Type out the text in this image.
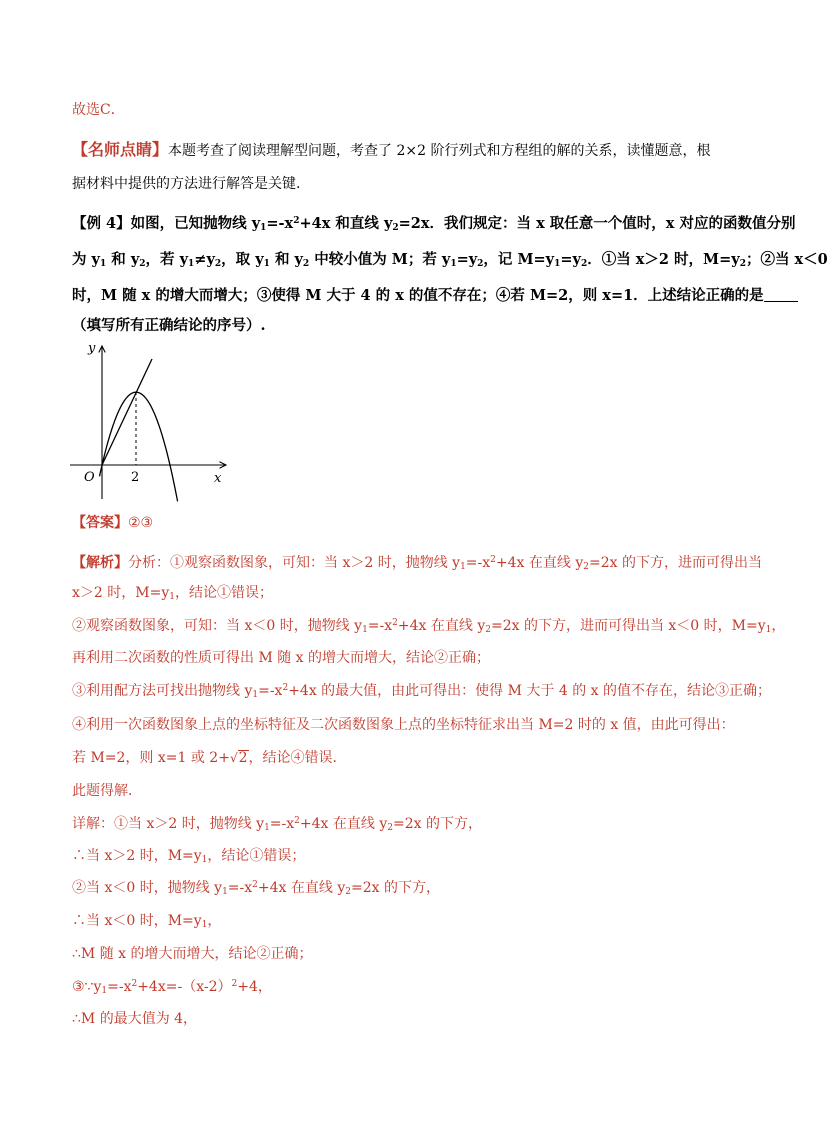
故选C．
【名师点睛】本题考查了阅读理解型问题，考查了 2×2 阶行列式和方程组的解的关系，读懂题意，根
据材料中提供的方法进行解答是关键.
【例 4】如图，已知抛物线 $y_1=-x^2+4x$ 和直线 $y_2=2x$．我们规定：当 x 取任意一个值时，x 对应的函数值分别
为 $y_1$ 和 $y_2$，若 $y_1\ne y_2$，取 $y_1$ 和 $y_2$ 中较小值为 M；若 $y_1=y_2$，记 $M=y_1=y_2$．①当 x＞2 时，$M=y_2$；②当 x＜0
时，M 随 x 的增大而增大；③使得 M 大于 4 的 x 的值不存在；④若 M=2，则 x=1．上述结论正确的是
（填写所有正确结论的序号）.
y
x
O	2
【答案】②③
【解析】分析：①观察函数图象，可知：当 x＞2 时，抛物线 $y_1=-x^2+4x$ 在直线 $y_2=2x$ 的下方，进而可得出当
x＞2 时，$M=y_1$，结论①错误；
②观察函数图象，可知：当 x＜0 时，抛物线 $y_1=-x^2+4x$ 在直线 $y_2=2x$ 的下方，进而可得出当 x＜0 时，$M=y_1$，
再利用二次函数的性质可得出 M 随 x 的增大而增大，结论②正确；
③利用配方法可找出抛物线 $y_1=-x^2+4x$ 的最大值，由此可得出：使得 M 大于 4 的 x 的值不存在，结论③正确；
④利用一次函数图象上点的坐标特征及二次函数图象上点的坐标特征求出当 M=2 时的 x 值，由此可得出：
若 M=2，则 x=1 或 2+√2，结论④错误．
此题得解．
详解：①当 x＞2 时，抛物线 $y_1=-x^2+4x$ 在直线 $y_2=2x$ 的下方，
∴当 x＞2 时，$M=y_1$，结论①错误；
②当 x＜0 时，抛物线 $y_1=-x^2+4x$ 在直线 $y_2=2x$ 的下方，
∴当 x＜0 时，$M=y_1$，
∴M 随 x 的增大而增大，结论②正确；
$③\because y_1=-x^2+4x=-(x-2)^2+4$，
∴M 的最大值为 4，
